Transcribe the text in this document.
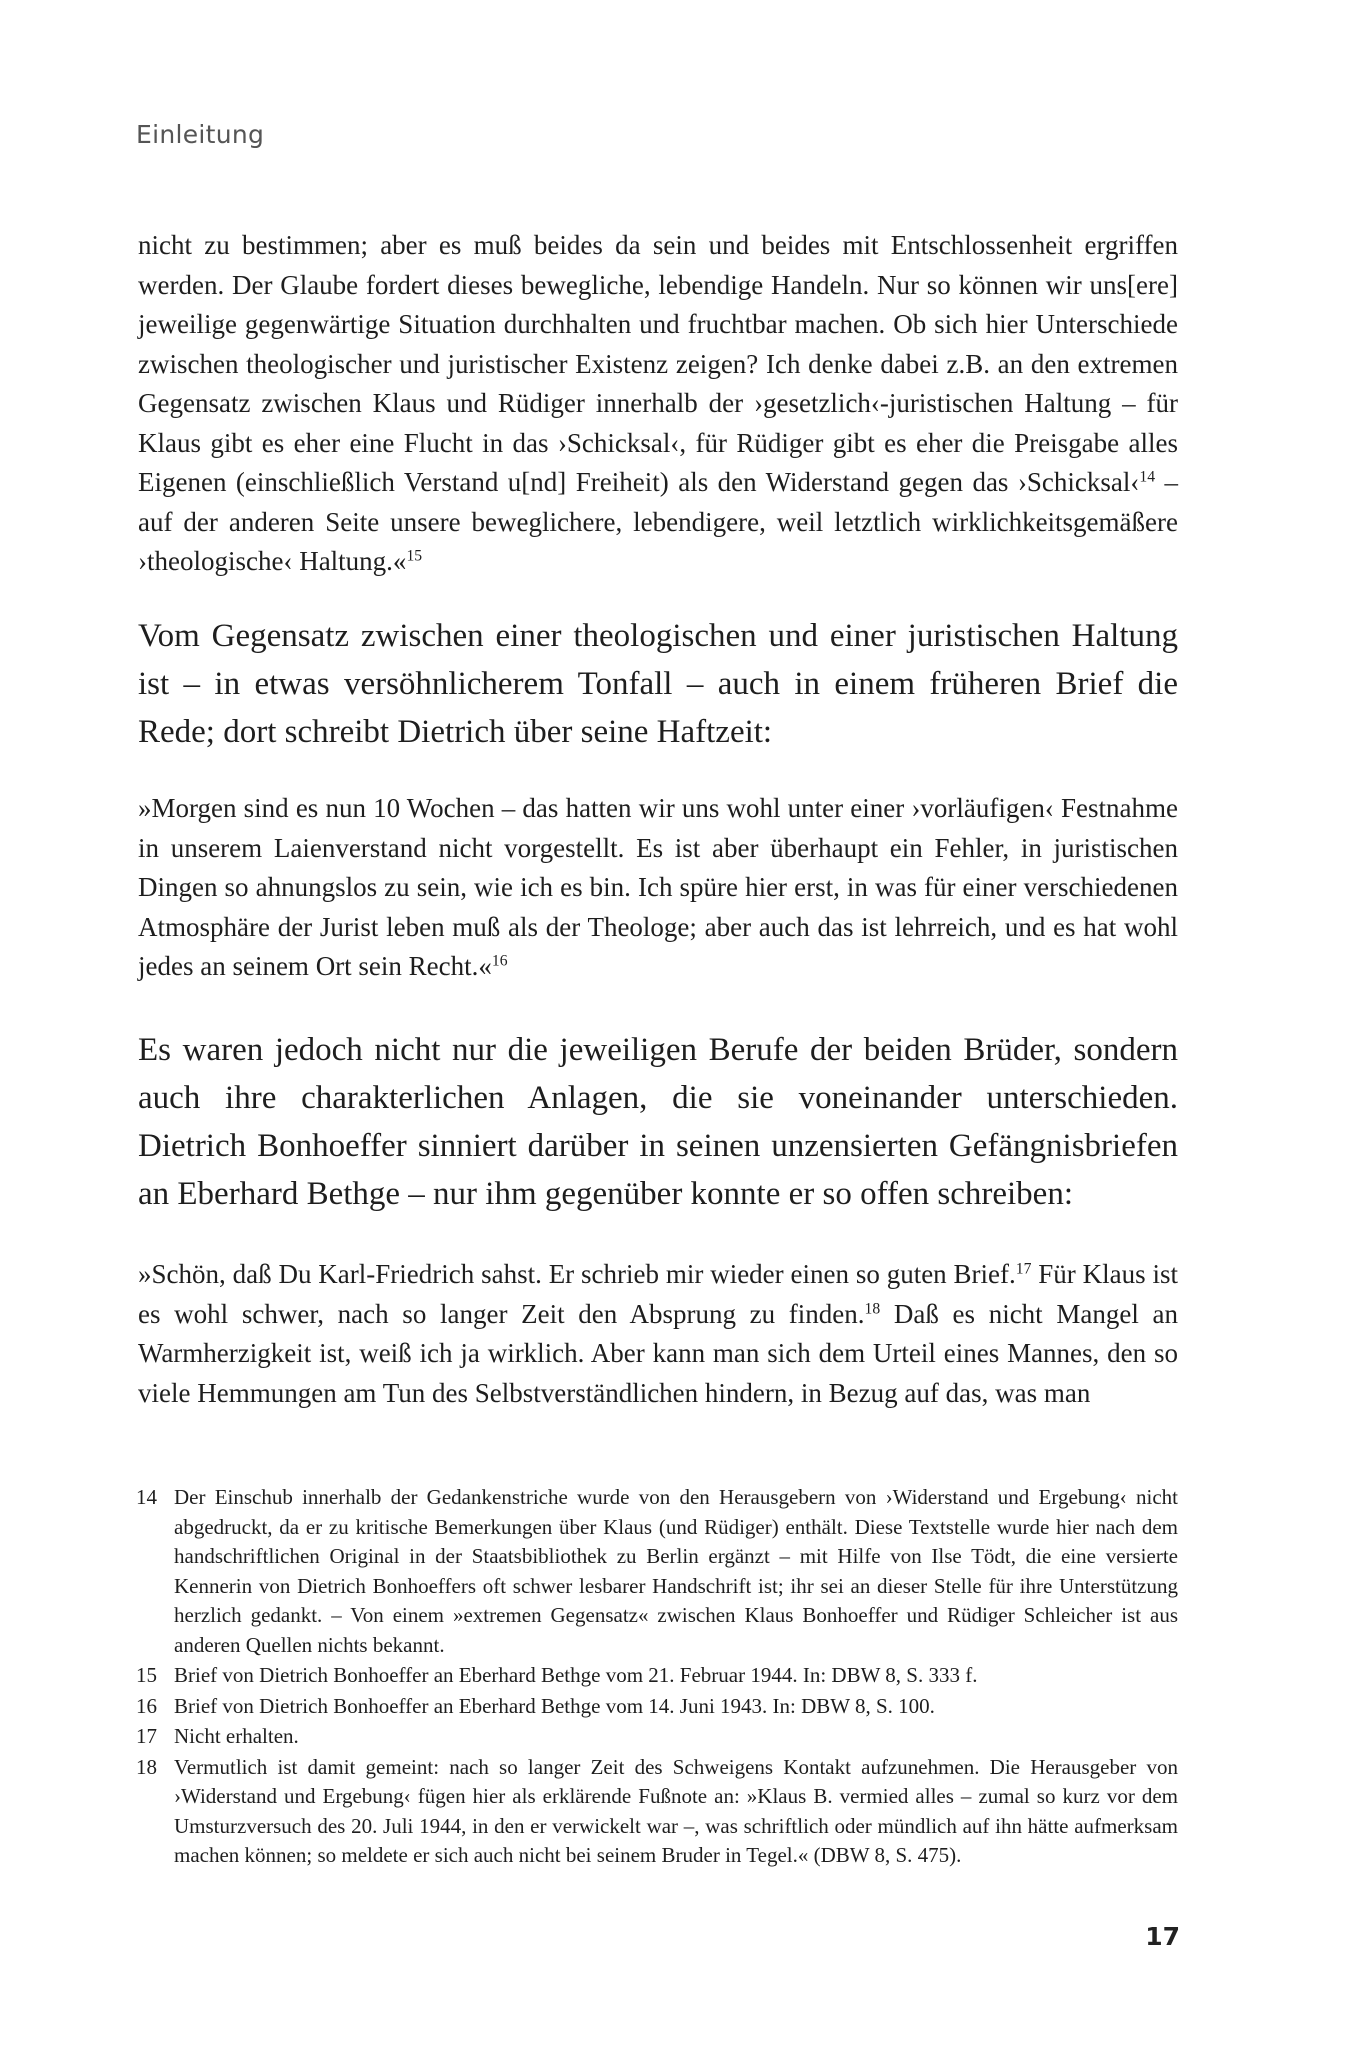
Einleitung

nicht zu bestimmen; aber es muß beides da sein und beides mit Entschlossenheit ergriffen werden. Der Glaube fordert dieses bewegliche, lebendige Handeln. Nur so können wir uns[ere] jeweilige gegenwärtige Situation durchhalten und fruchtbar machen. Ob sich hier Unterschiede zwischen theologischer und juristischer Existenz zeigen? Ich denke dabei z.B. an den extremen Gegensatz zwischen Klaus und Rüdiger innerhalb der ›gesetzlich‹-juristischen Haltung – für Klaus gibt es eher eine Flucht in das ›Schicksal‹, für Rüdiger gibt es eher die Preisgabe alles Eigenen (einschließlich Verstand u[nd] Freiheit) als den Widerstand gegen das ›Schicksal‹$^{14}$ – auf der anderen Seite unsere beweglichere, lebendigere, weil letztlich wirklichkeitsgemäßere ›theologische‹ Haltung.«$^{15}$

Vom Gegensatz zwischen einer theologischen und einer juristischen Haltung ist – in etwas versöhnlicherem Tonfall – auch in einem früheren Brief die Rede; dort schreibt Dietrich über seine Haftzeit:

»Morgen sind es nun 10 Wochen – das hatten wir uns wohl unter einer ›vorläufigen‹ Festnahme in unserem Laienverstand nicht vorgestellt. Es ist aber überhaupt ein Fehler, in juristischen Dingen so ahnungslos zu sein, wie ich es bin. Ich spüre hier erst, in was für einer verschiedenen Atmosphäre der Jurist leben muß als der Theologe; aber auch das ist lehrreich, und es hat wohl jedes an seinem Ort sein Recht.«$^{16}$

Es waren jedoch nicht nur die jeweiligen Berufe der beiden Brüder, sondern auch ihre charakterlichen Anlagen, die sie voneinander unterschieden. Dietrich Bonhoeffer sinniert darüber in seinen unzensierten Gefängnisbriefen an Eberhard Bethge – nur ihm gegenüber konnte er so offen schreiben:

»Schön, daß Du Karl-Friedrich sahst. Er schrieb mir wieder einen so guten Brief.$^{17}$ Für Klaus ist es wohl schwer, nach so langer Zeit den Absprung zu finden.$^{18}$ Daß es nicht Mangel an Warmherzigkeit ist, weiß ich ja wirklich. Aber kann man sich dem Urteil eines Mannes, den so viele Hemmungen am Tun des Selbstverständlichen hindern, in Bezug auf das, was man

14 Der Einschub innerhalb der Gedankenstriche wurde von den Herausgebern von ›Widerstand und Ergebung‹ nicht abgedruckt, da er zu kritische Bemerkungen über Klaus (und Rüdiger) enthält. Diese Textstelle wurde hier nach dem handschriftlichen Original in der Staatsbibliothek zu Berlin ergänzt – mit Hilfe von Ilse Tödt, die eine versierte Kennerin von Dietrich Bonhoeffers oft schwer lesbarer Handschrift ist; ihr sei an dieser Stelle für ihre Unterstützung herzlich gedankt. – Von einem »extremen Gegensatz« zwischen Klaus Bonhoeffer und Rüdiger Schleicher ist aus anderen Quellen nichts bekannt.
15 Brief von Dietrich Bonhoeffer an Eberhard Bethge vom 21. Februar 1944. In: DBW 8, S. 333 f.
16 Brief von Dietrich Bonhoeffer an Eberhard Bethge vom 14. Juni 1943. In: DBW 8, S. 100.
17 Nicht erhalten.
18 Vermutlich ist damit gemeint: nach so langer Zeit des Schweigens Kontakt aufzunehmen. Die Herausgeber von ›Widerstand und Ergebung‹ fügen hier als erklärende Fußnote an: »Klaus B. vermied alles – zumal so kurz vor dem Umsturzversuch des 20. Juli 1944, in den er verwickelt war –, was schriftlich oder mündlich auf ihn hätte aufmerksam machen können; so meldete er sich auch nicht bei seinem Bruder in Tegel.« (DBW 8, S. 475).
17
